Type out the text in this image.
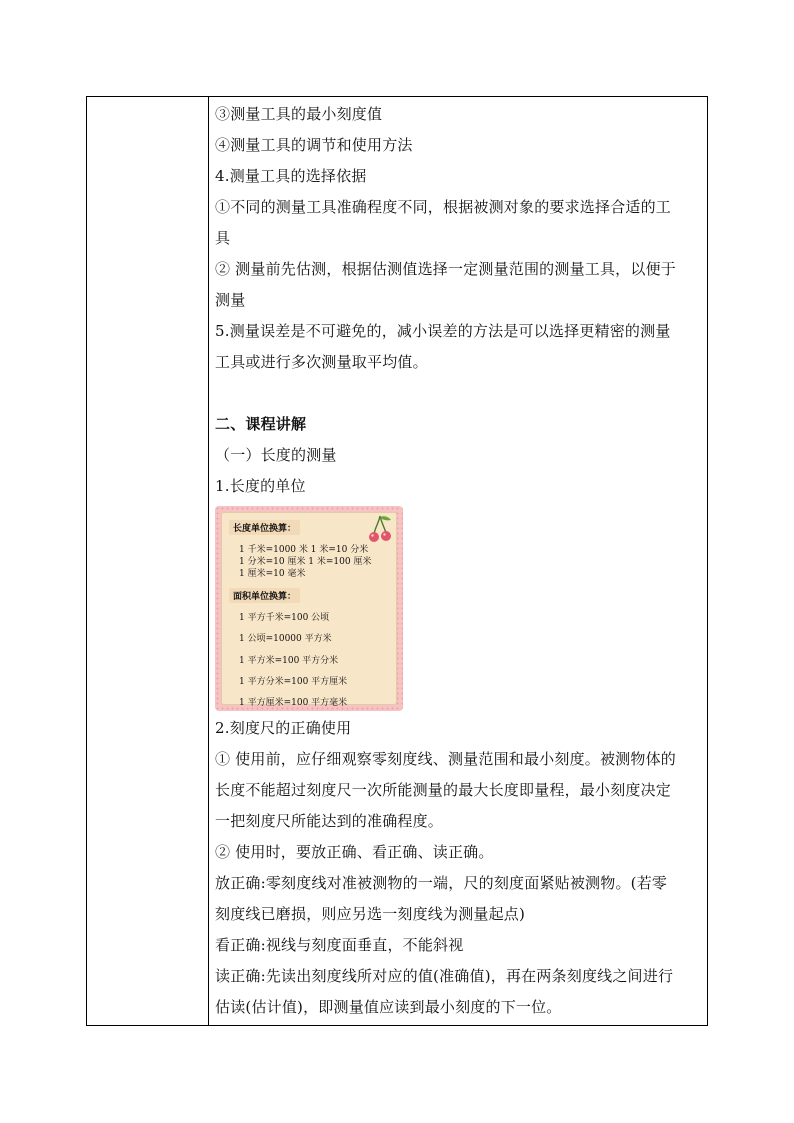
③测量工具的最小刻度值

④测量工具的调节和使用方法

4.测量工具的选择依据

①不同的测量工具准确程度不同，根据被测对象的要求选择合适的工

具

② 测量前先估测，根据估测值选择一定测量范围的测量工具，以便于

测量

5.测量误差是不可避免的，减小误差的方法是可以选择更精密的测量

工具或进行多次测量取平均值。

二、课程讲解

（一）长度的测量

1.长度的单位

长度单位换算：
1 千米=1000 米 1 米=10 分米
1 分米=10 厘米 1 米=100 厘米
1 厘米=10 毫米
面积单位换算：
1 平方千米=100 公顷
1 公顷=10000 平方米
1 平方米=100 平方分米
1 平方分米=100 平方厘米
1 平方厘米=100 平方毫米

2.刻度尺的正确使用

① 使用前，应仔细观察零刻度线、测量范围和最小刻度。被测物体的

长度不能超过刻度尺一次所能测量的最大长度即量程，最小刻度决定

一把刻度尺所能达到的准确程度。

② 使用时，要放正确、看正确、读正确。

放正确:零刻度线对准被测物的一端，尺的刻度面紧贴被测物。(若零

刻度线已磨损，则应另选一刻度线为测量起点)

看正确:视线与刻度面垂直，不能斜视

读正确:先读出刻度线所对应的值(准确值)，再在两条刻度线之间进行

估读(估计值)，即测量值应读到最小刻度的下一位。
